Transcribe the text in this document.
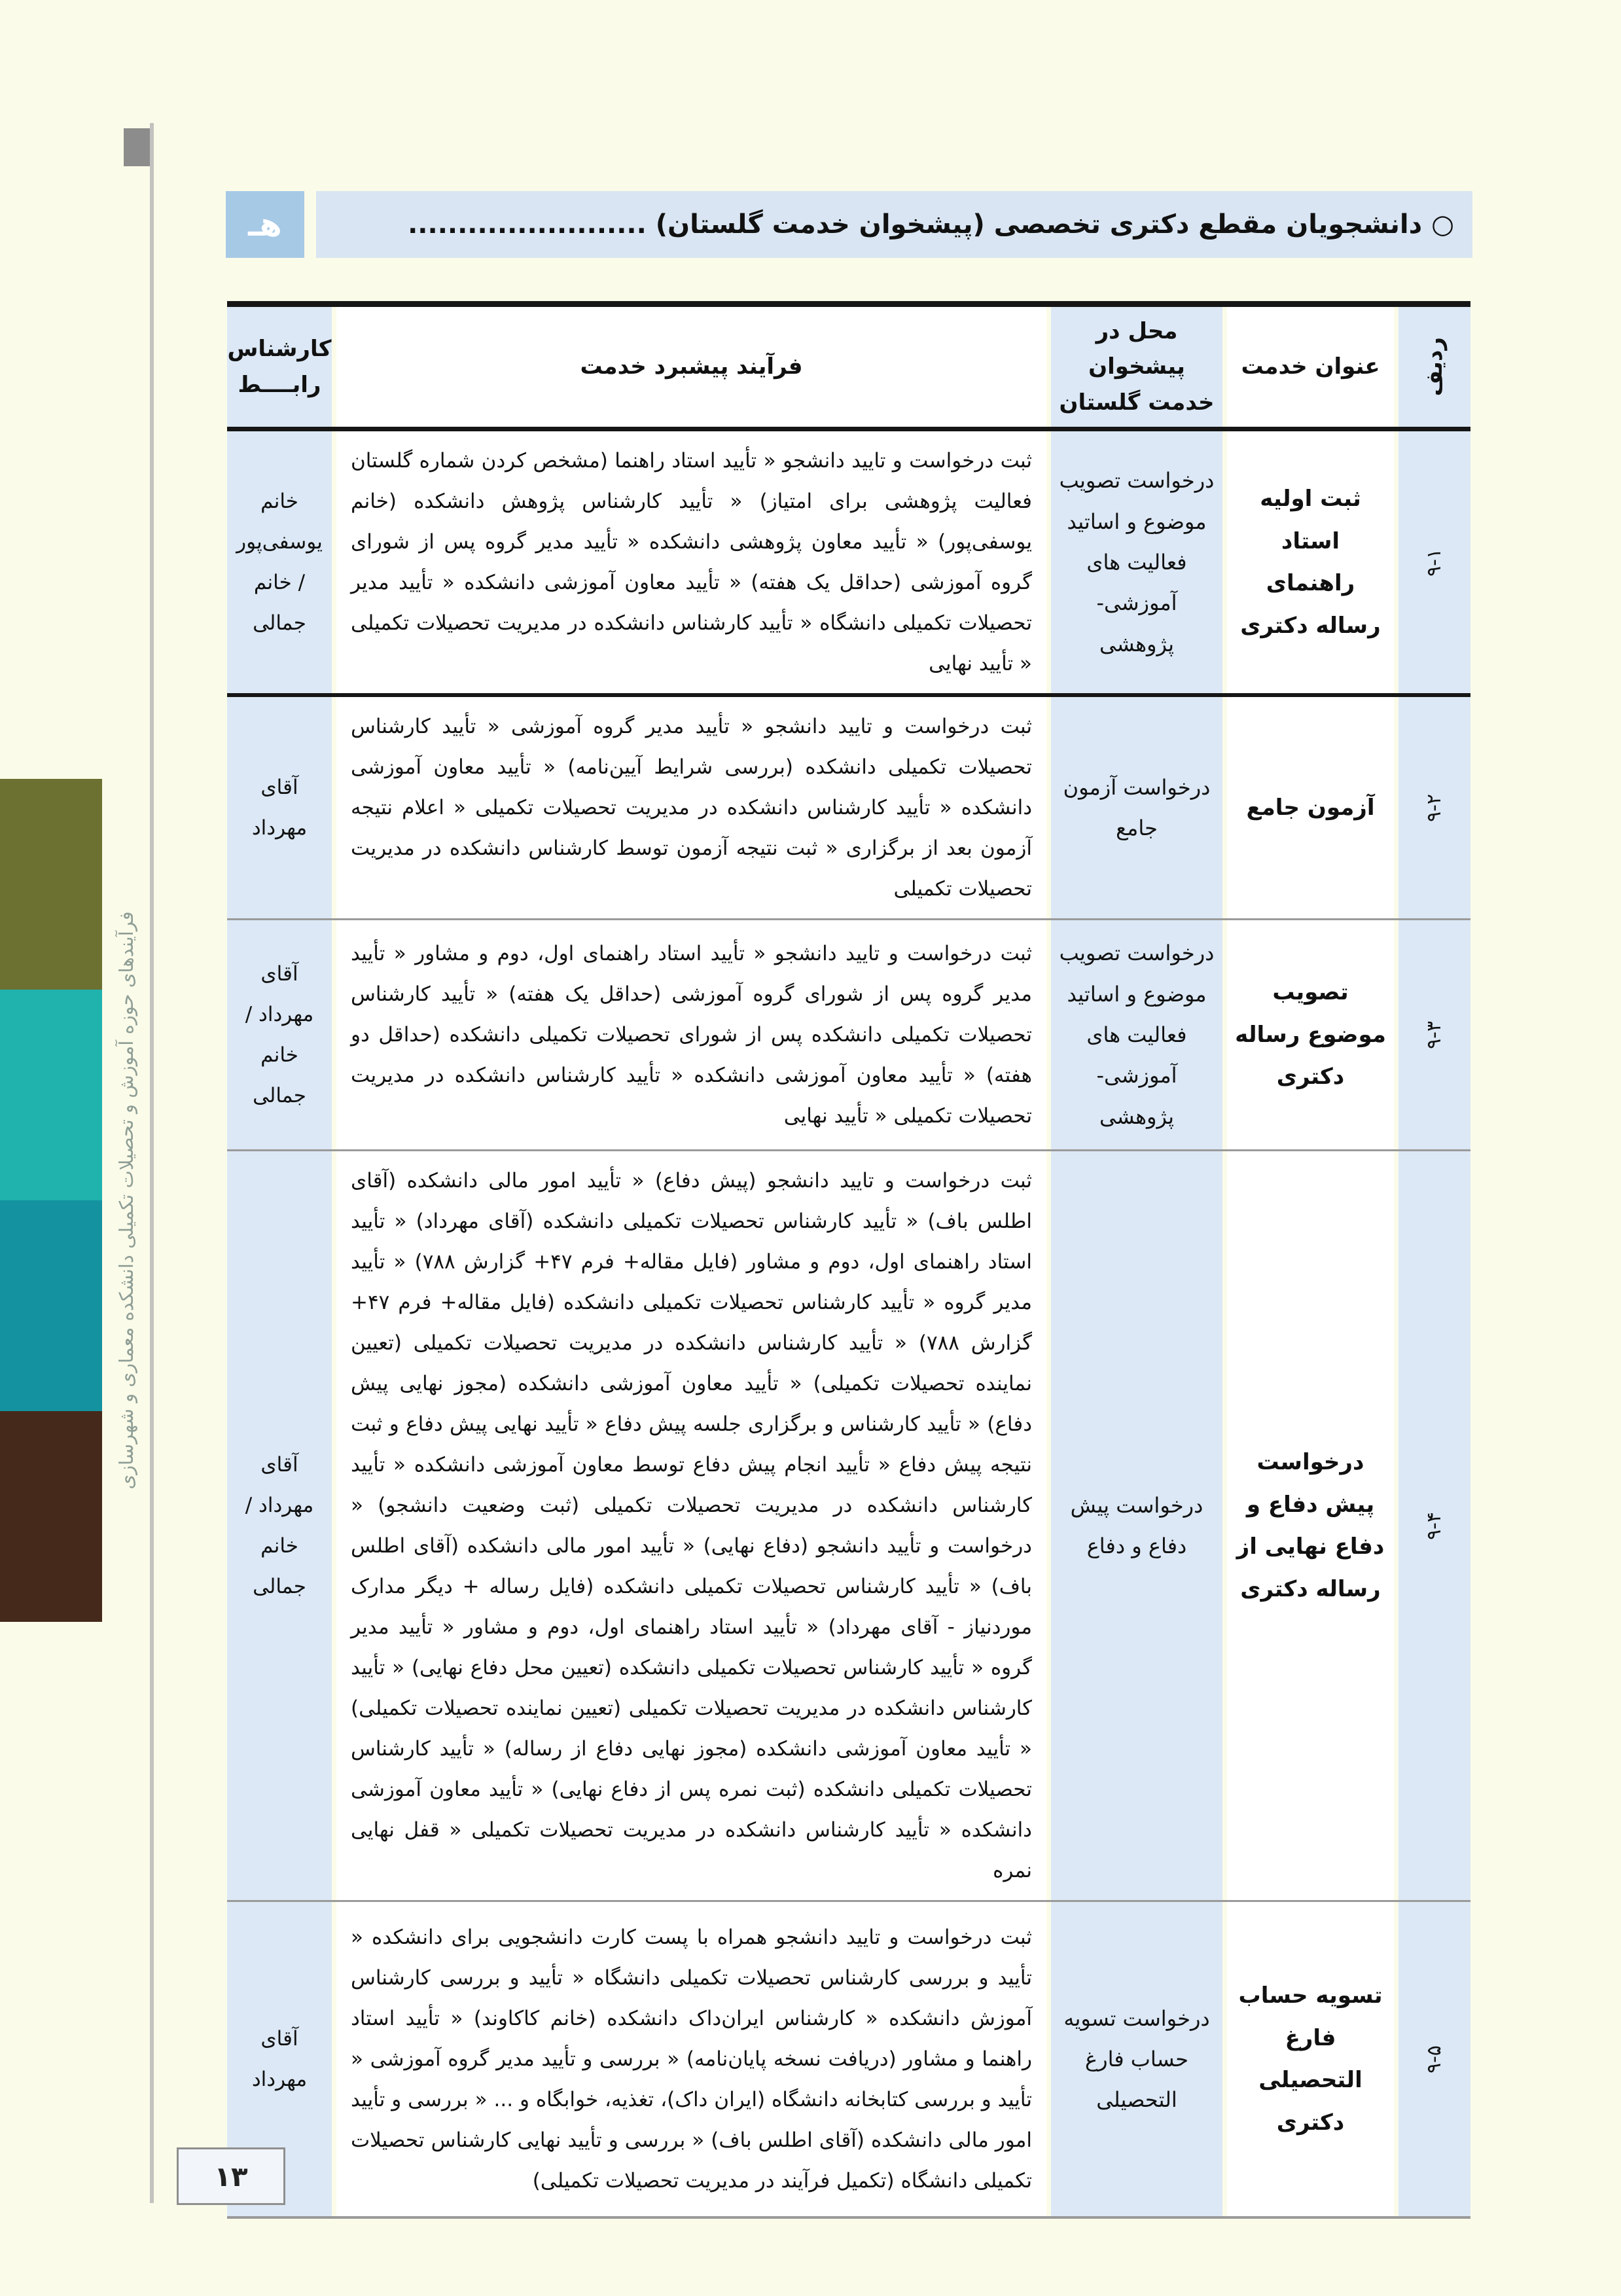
فرآیندهای حوزه آموزش و تحصیلات تکمیلی دانشکده معماری و شهرسازی
هـ	○ دانشجویان مقطع دکتری تخصصی (پیشخوان خدمت گلستان) ........................
ردیف
عنوان خدمت
محل در پیشخوان خدمت گلستان
فرآیند پیشبرد خدمت
کارشناس رابــــط
۹-۱
ثبت اولیه استاد راهنمای رساله دکتری
درخواست تصویب موضوع و اساتید فعالیت های آموزشی- پژوهشی
ثبت درخواست و تایید دانشجو « تأیید استاد راهنما (مشخص کردن شماره گلستان فعالیت پژوهشی برای امتیاز) « تأیید کارشناس پژوهش دانشکده (خانم یوسفی‌پور) « تأیید معاون پژوهشی دانشکده « تأیید مدیر گروه پس از شورای گروه آموزشی (حداقل یک هفته) « تأیید معاون آموزشی دانشکده « تأیید مدیر تحصیلات تکمیلی دانشگاه « تأیید کارشناس دانشکده در مدیریت تحصیلات تکمیلی « تأیید نهایی
خانم یوسفی‌پور / خانم جمالی
۹-۲
آزمون جامع
درخواست آزمون جامع
ثبت درخواست و تایید دانشجو « تأیید مدیر گروه آموزشی « تأیید کارشناس تحصیلات تکمیلی دانشکده (بررسی شرایط آیین‌نامه) « تأیید معاون آموزشی دانشکده « تأیید کارشناس دانشکده در مدیریت تحصیلات تکمیلی « اعلام نتیجه آزمون بعد از برگزاری « ثبت نتیجه آزمون توسط کارشناس دانشکده در مدیریت تحصیلات تکمیلی
آقای مهرداد
۹-۳
تصویب موضوع رساله دکتری
درخواست تصویب موضوع و اساتید فعالیت های آموزشی- پژوهشی
ثبت درخواست و تایید دانشجو « تأیید استاد راهنمای اول، دوم و مشاور « تأیید مدیر گروه پس از شورای گروه آموزشی (حداقل یک هفته) « تأیید کارشناس تحصیلات تکمیلی دانشکده پس از شورای تحصیلات تکمیلی دانشکده (حداقل دو هفته) « تأیید معاون آموزشی دانشکده « تأیید کارشناس دانشکده در مدیریت تحصیلات تکمیلی « تأیید نهایی
آقای مهرداد / خانم جمالی
۹-۴
درخواست پیش دفاع و دفاع نهایی از رساله دکتری
درخواست پیش دفاع و دفاع
ثبت درخواست و تایید دانشجو (پیش دفاع) « تأیید امور مالی دانشکده (آقای اطلس باف) « تأیید کارشناس تحصیلات تکمیلی دانشکده (آقای مهرداد) « تأیید استاد راهنمای اول، دوم و مشاور (فایل مقاله+ فرم ۴۷+ گزارش ۷۸۸) « تأیید مدیر گروه « تأیید کارشناس تحصیلات تکمیلی دانشکده (فایل مقاله+ فرم ۴۷+ گزارش ۷۸۸) « تأیید کارشناس دانشکده در مدیریت تحصیلات تکمیلی (تعیین نماینده تحصیلات تکمیلی) « تأیید معاون آموزشی دانشکده (مجوز نهایی پیش دفاع) « تأیید کارشناس و برگزاری جلسه پیش دفاع « تأیید نهایی پیش دفاع و ثبت نتیجه پیش دفاع « تأیید انجام پیش دفاع توسط معاون آموزشی دانشکده « تأیید کارشناس دانشکده در مدیریت تحصیلات تکمیلی (ثبت وضعیت دانشجو) « درخواست و تأیید دانشجو (دفاع نهایی) « تأیید امور مالی دانشکده (آقای اطلس باف) « تأیید کارشناس تحصیلات تکمیلی دانشکده (فایل رساله + دیگر مدارک موردنیاز - آقای مهرداد) « تأیید استاد راهنمای اول، دوم و مشاور « تأیید مدیر گروه « تأیید کارشناس تحصیلات تکمیلی دانشکده (تعیین محل دفاع نهایی) « تأیید کارشناس دانشکده در مدیریت تحصیلات تکمیلی (تعیین نماینده تحصیلات تکمیلی) « تأیید معاون آموزشی دانشکده (مجوز نهایی دفاع از رساله) « تأیید کارشناس تحصیلات تکمیلی دانشکده (ثبت نمره پس از دفاع نهایی) « تأیید معاون آموزشی دانشکده « تأیید کارشناس دانشکده در مدیریت تحصیلات تکمیلی « قفل نهایی نمره
آقای مهرداد / خانم جمالی
۹-۵
تسویه حساب فارغ التحصیلی دکتری
درخواست تسویه حساب فارغ التحصیلی
ثبت درخواست و تایید دانشجو همراه با پست کارت دانشجویی برای دانشکده « تأیید و بررسی کارشناس تحصیلات تکمیلی دانشگاه « تأیید و بررسی کارشناس آموزش دانشکده « کارشناس ایران‌داک دانشکده (خانم کاکاوند) « تأیید استاد راهنما و مشاور (دریافت نسخه پایان‌نامه) « بررسی و تأیید مدیر گروه آموزشی « تأیید و بررسی کتابخانه دانشگاه (ایران داک)، تغذیه، خوابگاه و ... « بررسی و تأیید امور مالی دانشکده (آقای اطلس باف) « بررسی و تأیید نهایی کارشناس تحصیلات تکمیلی دانشگاه (تکمیل فرآیند در مدیریت تحصیلات تکمیلی)
آقای مهرداد
۱۳
